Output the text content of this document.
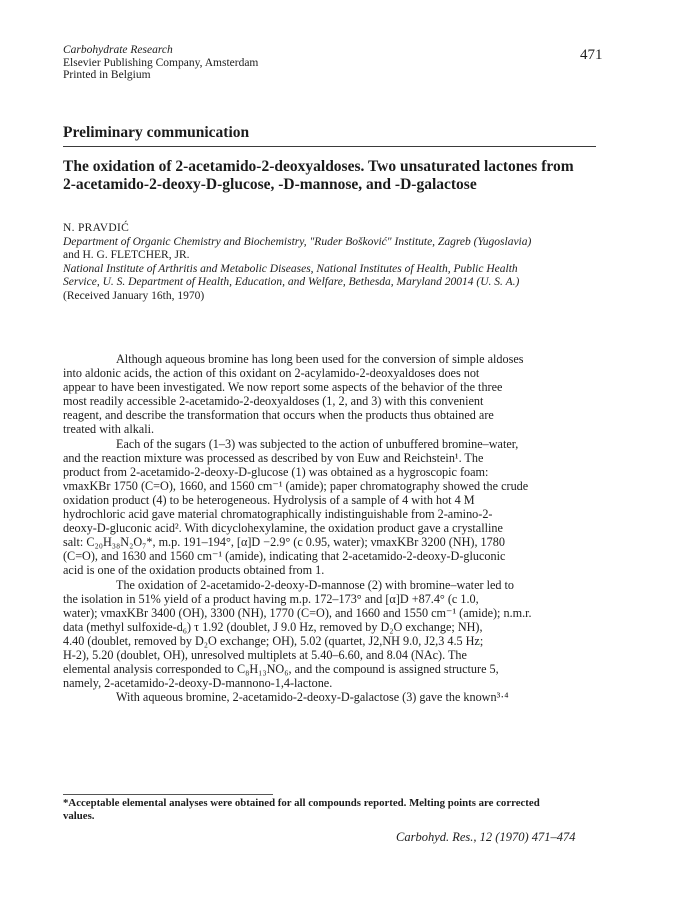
Carbohydrate Research
Elsevier Publishing Company, Amsterdam
Printed in Belgium
471
Preliminary communication
The oxidation of 2-acetamido-2-deoxyaldoses. Two unsaturated lactones from
2-acetamido-2-deoxy-D-glucose, -D-mannose, and -D-galactose
N. PRAVDIĆ
Department of Organic Chemistry and Biochemistry, "Ruder Bošković" Institute, Zagreb (Yugoslavia)
and H. G. FLETCHER, JR.
National Institute of Arthritis and Metabolic Diseases, National Institutes of Health, Public Health
Service, U. S. Department of Health, Education, and Welfare, Bethesda, Maryland 20014 (U. S. A.)
(Received January 16th, 1970)
Although aqueous bromine has long been used for the conversion of simple aldoses
into aldonic acids, the action of this oxidant on 2-acylamido-2-deoxyaldoses does not
appear to have been investigated. We now report some aspects of the behavior of the three
most readily accessible 2-acetamido-2-deoxyaldoses (1, 2, and 3) with this convenient
reagent, and describe the transformation that occurs when the products thus obtained are
treated with alkali.
Each of the sugars (1–3) was subjected to the action of unbuffered bromine–water,
and the reaction mixture was processed as described by von Euw and Reichstein¹. The
product from 2-acetamido-2-deoxy-D-glucose (1) was obtained as a hygroscopic foam:
νmaxKBr 1750 (C=O), 1660, and 1560 cm⁻¹ (amide); paper chromatography showed the crude
oxidation product (4) to be heterogeneous. Hydrolysis of a sample of 4 with hot 4 M
hydrochloric acid gave material chromatographically indistinguishable from 2-amino-2-
deoxy-D-gluconic acid². With dicyclohexylamine, the oxidation product gave a crystalline
salt: C₂₀H₃₈N₂O₇*, m.p. 191–194°, [α]D −2.9° (c 0.95, water); νmaxKBr 3200 (NH), 1780
(C=O), and 1630 and 1560 cm⁻¹ (amide), indicating that 2-acetamido-2-deoxy-D-gluconic
acid is one of the oxidation products obtained from 1.
The oxidation of 2-acetamido-2-deoxy-D-mannose (2) with bromine–water led to
the isolation in 51% yield of a product having m.p. 172–173° and [α]D +87.4° (c 1.0,
water); νmaxKBr 3400 (OH), 3300 (NH), 1770 (C=O), and 1660 and 1550 cm⁻¹ (amide); n.m.r.
data (methyl sulfoxide-d₆) τ 1.92 (doublet, J 9.0 Hz, removed by D₂O exchange; NH),
4.40 (doublet, removed by D₂O exchange; OH), 5.02 (quartet, J2,NH 9.0, J2,3 4.5 Hz;
H-2), 5.20 (doublet, OH), unresolved multiplets at 5.40–6.60, and 8.04 (NAc). The
elemental analysis corresponded to C₈H₁₃NO₆, and the compound is assigned structure 5,
namely, 2-acetamido-2-deoxy-D-mannono-1,4-lactone.
With aqueous bromine, 2-acetamido-2-deoxy-D-galactose (3) gave the known³·⁴
*Acceptable elemental analyses were obtained for all compounds reported. Melting points are corrected
values.
Carbohyd. Res., 12 (1970) 471–474
